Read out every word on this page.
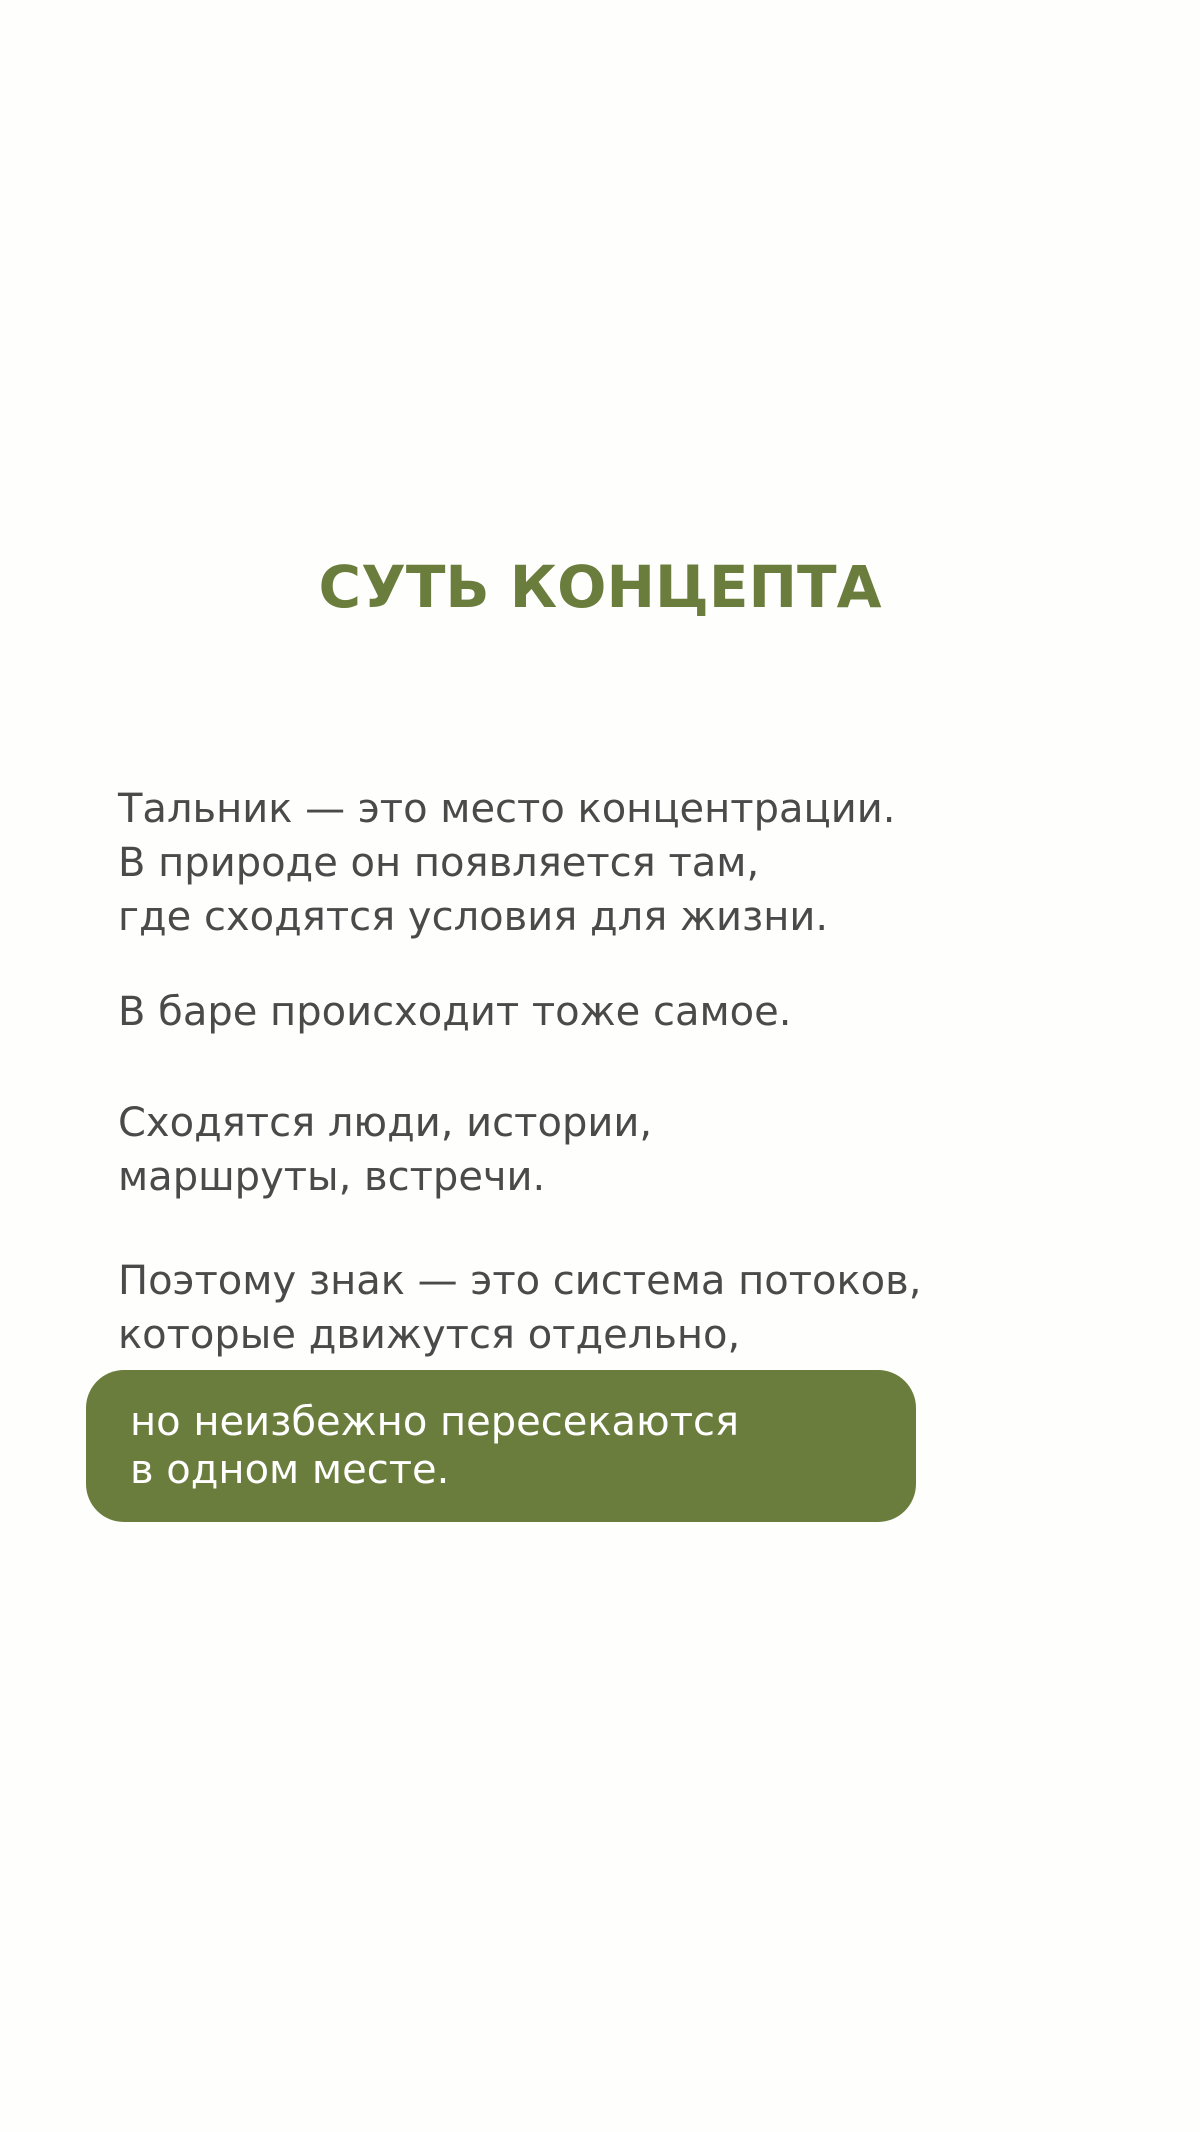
СУТЬ КОНЦЕПТА
Тальник — это место концентрации.
В природе он появляется там,
где сходятся условия для жизни.
В баре происходит тоже самое.
Сходятся люди, истории,
маршруты, встречи.
Поэтому знак — это система потоков,
которые движутся отдельно,
но неизбежно пересекаются
в одном месте.
